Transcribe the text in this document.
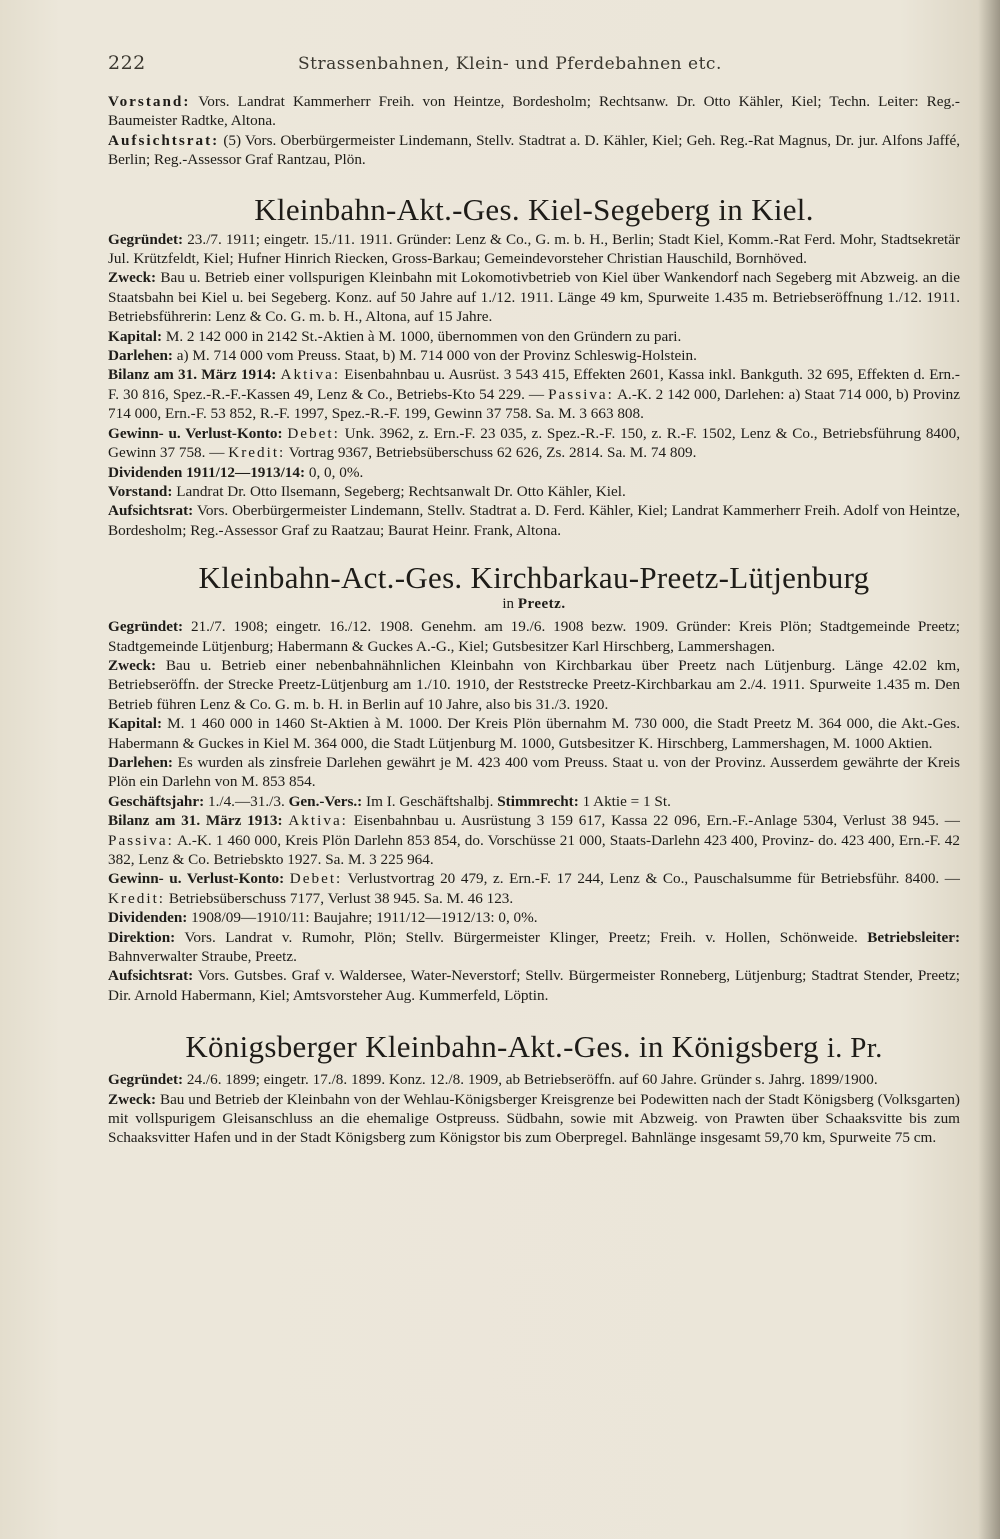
222	Strassenbahnen, Klein- und Pferdebahnen etc.

Vorstand: Vors. Landrat Kammerherr Freih. von Heintze, Bordesholm; Rechtsanw. Dr. Otto Kähler, Kiel; Techn. Leiter: Reg.-Baumeister Radtke, Altona.

Aufsichtsrat: (5) Vors. Oberbürgermeister Lindemann, Stellv. Stadtrat a. D. Kähler, Kiel; Geh. Reg.-Rat Magnus, Dr. jur. Alfons Jaffé, Berlin; Reg.-Assessor Graf Rantzau, Plön.

Kleinbahn-Akt.-Ges. Kiel-Segeberg in Kiel.

Gegründet: 23./7. 1911; eingetr. 15./11. 1911. Gründer: Lenz & Co., G. m. b. H., Berlin; Stadt Kiel, Komm.-Rat Ferd. Mohr, Stadtsekretär Jul. Krützfeldt, Kiel; Hufner Hinrich Riecken, Gross-Barkau; Gemeindevorsteher Christian Hauschild, Bornhöved.

Zweck: Bau u. Betrieb einer vollspurigen Kleinbahn mit Lokomotivbetrieb von Kiel über Wankendorf nach Segeberg mit Abzweig. an die Staatsbahn bei Kiel u. bei Segeberg. Konz. auf 50 Jahre auf 1./12. 1911. Länge 49 km, Spurweite 1.435 m. Betriebseröffnung 1./12. 1911. Betriebsführerin: Lenz & Co. G. m. b. H., Altona, auf 15 Jahre.

Kapital: M. 2 142 000 in 2142 St.-Aktien à M. 1000, übernommen von den Gründern zu pari.

Darlehen: a) M. 714 000 vom Preuss. Staat, b) M. 714 000 von der Provinz Schleswig-Holstein.

Bilanz am 31. März 1914: Aktiva: Eisenbahnbau u. Ausrüst. 3 543 415, Effekten 2601, Kassa inkl. Bankguth. 32 695, Effekten d. Ern.-F. 30 816, Spez.-R.-F.-Kassen 49, Lenz & Co., Betriebs-Kto 54 229. — Passiva: A.-K. 2 142 000, Darlehen: a) Staat 714 000, b) Provinz 714 000, Ern.-F. 53 852, R.-F. 1997, Spez.-R.-F. 199, Gewinn 37 758. Sa. M. 3 663 808.

Gewinn- u. Verlust-Konto: Debet: Unk. 3962, z. Ern.-F. 23 035, z. Spez.-R.-F. 150, z. R.-F. 1502, Lenz & Co., Betriebsführung 8400, Gewinn 37 758. — Kredit: Vortrag 9367, Betriebsüberschuss 62 626, Zs. 2814. Sa. M. 74 809.

Dividenden 1911/12—1913/14: 0, 0, 0%.

Vorstand: Landrat Dr. Otto Ilsemann, Segeberg; Rechtsanwalt Dr. Otto Kähler, Kiel.

Aufsichtsrat: Vors. Oberbürgermeister Lindemann, Stellv. Stadtrat a. D. Ferd. Kähler, Kiel; Landrat Kammerherr Freih. Adolf von Heintze, Bordesholm; Reg.-Assessor Graf zu Raatzau; Baurat Heinr. Frank, Altona.

Kleinbahn-Act.-Ges. Kirchbarkau-Preetz-Lütjenburg
in Preetz.

Gegründet: 21./7. 1908; eingetr. 16./12. 1908. Genehm. am 19./6. 1908 bezw. 1909. Gründer: Kreis Plön; Stadtgemeinde Preetz; Stadtgemeinde Lütjenburg; Habermann & Guckes A.-G., Kiel; Gutsbesitzer Karl Hirschberg, Lammershagen.

Zweck: Bau u. Betrieb einer nebenbahnähnlichen Kleinbahn von Kirchbarkau über Preetz nach Lütjenburg. Länge 42.02 km, Betriebseröffn. der Strecke Preetz-Lütjenburg am 1./10. 1910, der Reststrecke Preetz-Kirchbarkau am 2./4. 1911. Spurweite 1.435 m. Den Betrieb führen Lenz & Co. G. m. b. H. in Berlin auf 10 Jahre, also bis 31./3. 1920.

Kapital: M. 1 460 000 in 1460 St-Aktien à M. 1000. Der Kreis Plön übernahm M. 730 000, die Stadt Preetz M. 364 000, die Akt.-Ges. Habermann & Guckes in Kiel M. 364 000, die Stadt Lütjenburg M. 1000, Gutsbesitzer K. Hirschberg, Lammershagen, M. 1000 Aktien.

Darlehen: Es wurden als zinsfreie Darlehen gewährt je M. 423 400 vom Preuss. Staat u. von der Provinz. Ausserdem gewährte der Kreis Plön ein Darlehn von M. 853 854.

Geschäftsjahr: 1./4.—31./3. Gen.-Vers.: Im I. Geschäftshalbj. Stimmrecht: 1 Aktie = 1 St.

Bilanz am 31. März 1913: Aktiva: Eisenbahnbau u. Ausrüstung 3 159 617, Kassa 22 096, Ern.-F.-Anlage 5304, Verlust 38 945. — Passiva: A.-K. 1 460 000, Kreis Plön Darlehn 853 854, do. Vorschüsse 21 000, Staats-Darlehn 423 400, Provinz- do. 423 400, Ern.-F. 42 382, Lenz & Co. Betriebskto 1927. Sa. M. 3 225 964.

Gewinn- u. Verlust-Konto: Debet: Verlustvortrag 20 479, z. Ern.-F. 17 244, Lenz & Co., Pauschalsumme für Betriebsführ. 8400. — Kredit: Betriebsüberschuss 7177, Verlust 38 945. Sa. M. 46 123.

Dividenden: 1908/09—1910/11: Baujahre; 1911/12—1912/13: 0, 0%.

Direktion: Vors. Landrat v. Rumohr, Plön; Stellv. Bürgermeister Klinger, Preetz; Freih. v. Hollen, Schönweide. Betriebsleiter: Bahnverwalter Straube, Preetz.

Aufsichtsrat: Vors. Gutsbes. Graf v. Waldersee, Water-Neverstorf; Stellv. Bürgermeister Ronneberg, Lütjenburg; Stadtrat Stender, Preetz; Dir. Arnold Habermann, Kiel; Amtsvorsteher Aug. Kummerfeld, Löptin.

Königsberger Kleinbahn-Akt.-Ges. in Königsberg i. Pr.

Gegründet: 24./6. 1899; eingetr. 17./8. 1899. Konz. 12./8. 1909, ab Betriebseröffn. auf 60 Jahre. Gründer s. Jahrg. 1899/1900.

Zweck: Bau und Betrieb der Kleinbahn von der Wehlau-Königsberger Kreisgrenze bei Podewitten nach der Stadt Königsberg (Volksgarten) mit vollspurigem Gleisanschluss an die ehemalige Ostpreuss. Südbahn, sowie mit Abzweig. von Prawten über Schaaksvitte bis zum Schaaksvitter Hafen und in der Stadt Königsberg zum Königstor bis zum Oberpregel. Bahnlänge insgesamt 59,70 km, Spurweite 75 cm.
